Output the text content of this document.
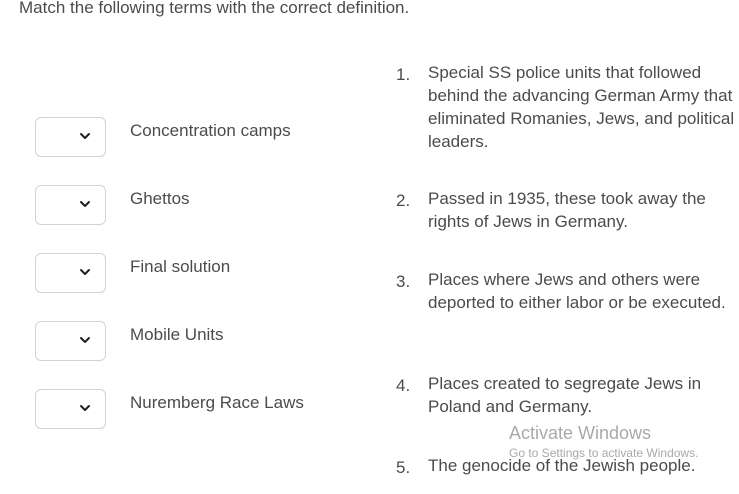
Match the following terms with the correct definition.
Concentration camps
Ghettos
Final solution
Mobile Units
Nuremberg Race Laws
1. Special SS police units that followed behind the advancing German Army that eliminated Romanies, Jews, and political leaders.
2. Passed in 1935, these took away the rights of Jews in Germany.
3. Places where Jews and others were deported to either labor or be executed.
4. Places created to segregate Jews in Poland and Germany.
5. The genocide of the Jewish people.
Activate Windows
Go to Settings to activate Windows.
